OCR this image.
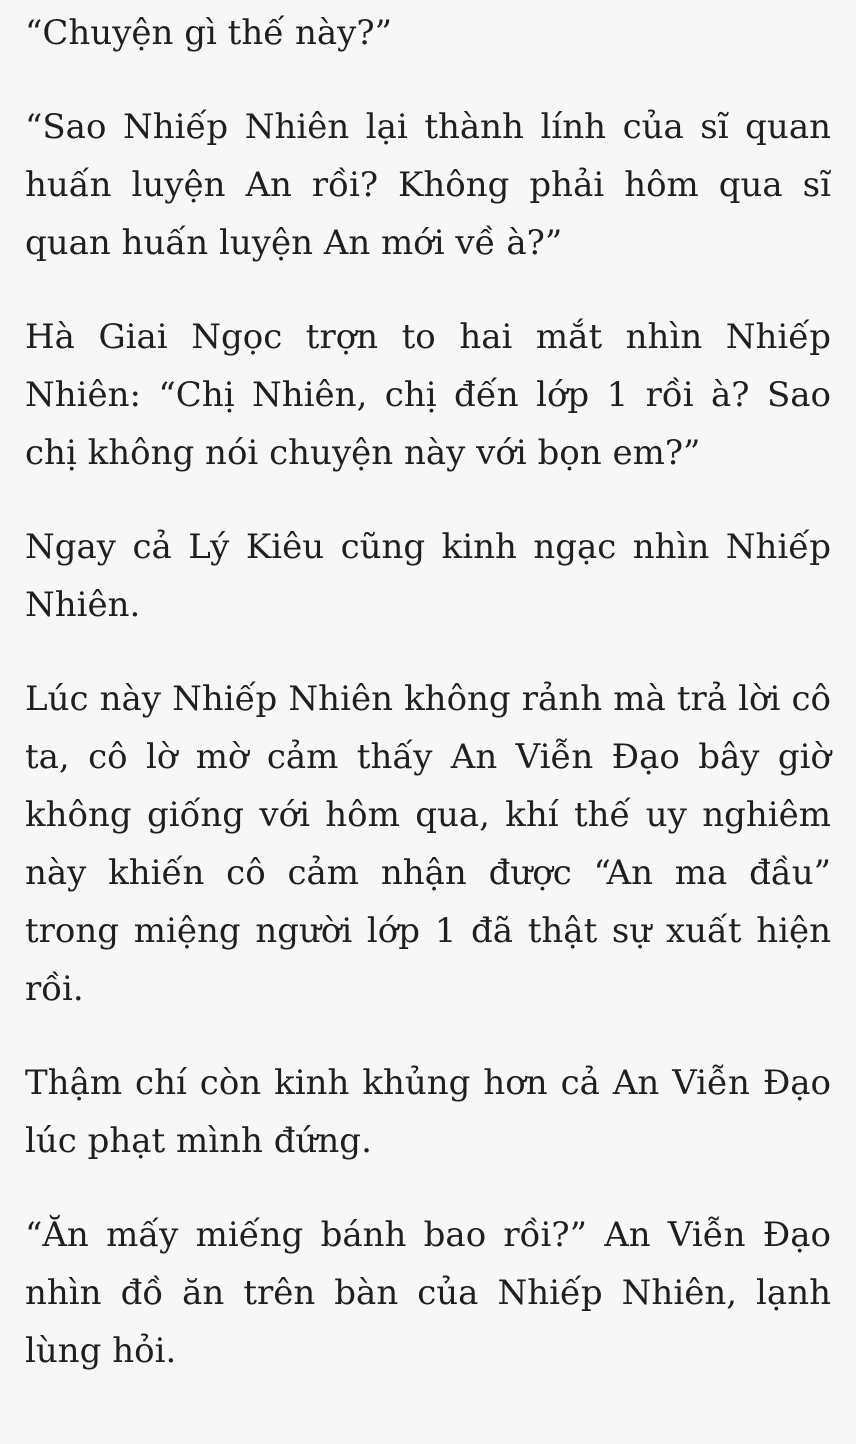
“Chuyện gì thế này?”

“Sao Nhiếp Nhiên lại thành lính của sĩ quan huấn luyện An rồi? Không phải hôm qua sĩ quan huấn luyện An mới về à?”

Hà Giai Ngọc trợn to hai mắt nhìn Nhiếp Nhiên: “Chị Nhiên, chị đến lớp 1 rồi à? Sao chị không nói chuyện này với bọn em?”

Ngay cả Lý Kiêu cũng kinh ngạc nhìn Nhiếp Nhiên.

Lúc này Nhiếp Nhiên không rảnh mà trả lời cô ta, cô lờ mờ cảm thấy An Viễn Đạo bây giờ không giống với hôm qua, khí thế uy nghiêm này khiến cô cảm nhận được “An ma đầu” trong miệng người lớp 1 đã thật sự xuất hiện rồi.

Thậm chí còn kinh khủng hơn cả An Viễn Đạo lúc phạt mình đứng.

“Ăn mấy miếng bánh bao rồi?” An Viễn Đạo nhìn đồ ăn trên bàn của Nhiếp Nhiên, lạnh lùng hỏi.
